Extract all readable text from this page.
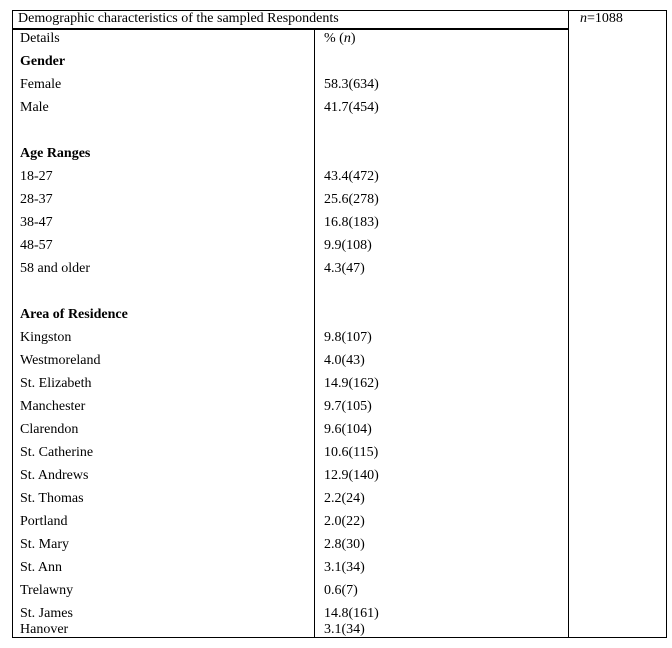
Demographic characteristics of the sampled Respondents	n=1088
Details	% (n)
Gender
Female	58.3(634)
Male	41.7(454)
Age Ranges
18-27	43.4(472)
28-37	25.6(278)
38-47	16.8(183)
48-57	9.9(108)
58 and older	4.3(47)
Area of Residence
Kingston	9.8(107)
Westmoreland	4.0(43)
St. Elizabeth	14.9(162)
Manchester	9.7(105)
Clarendon	9.6(104)
St. Catherine	10.6(115)
St. Andrews	12.9(140)
St. Thomas	2.2(24)
Portland	2.0(22)
St. Mary	2.8(30)
St. Ann	3.1(34)
Trelawny	0.6(7)
St. James	14.8(161)
Hanover	3.1(34)
